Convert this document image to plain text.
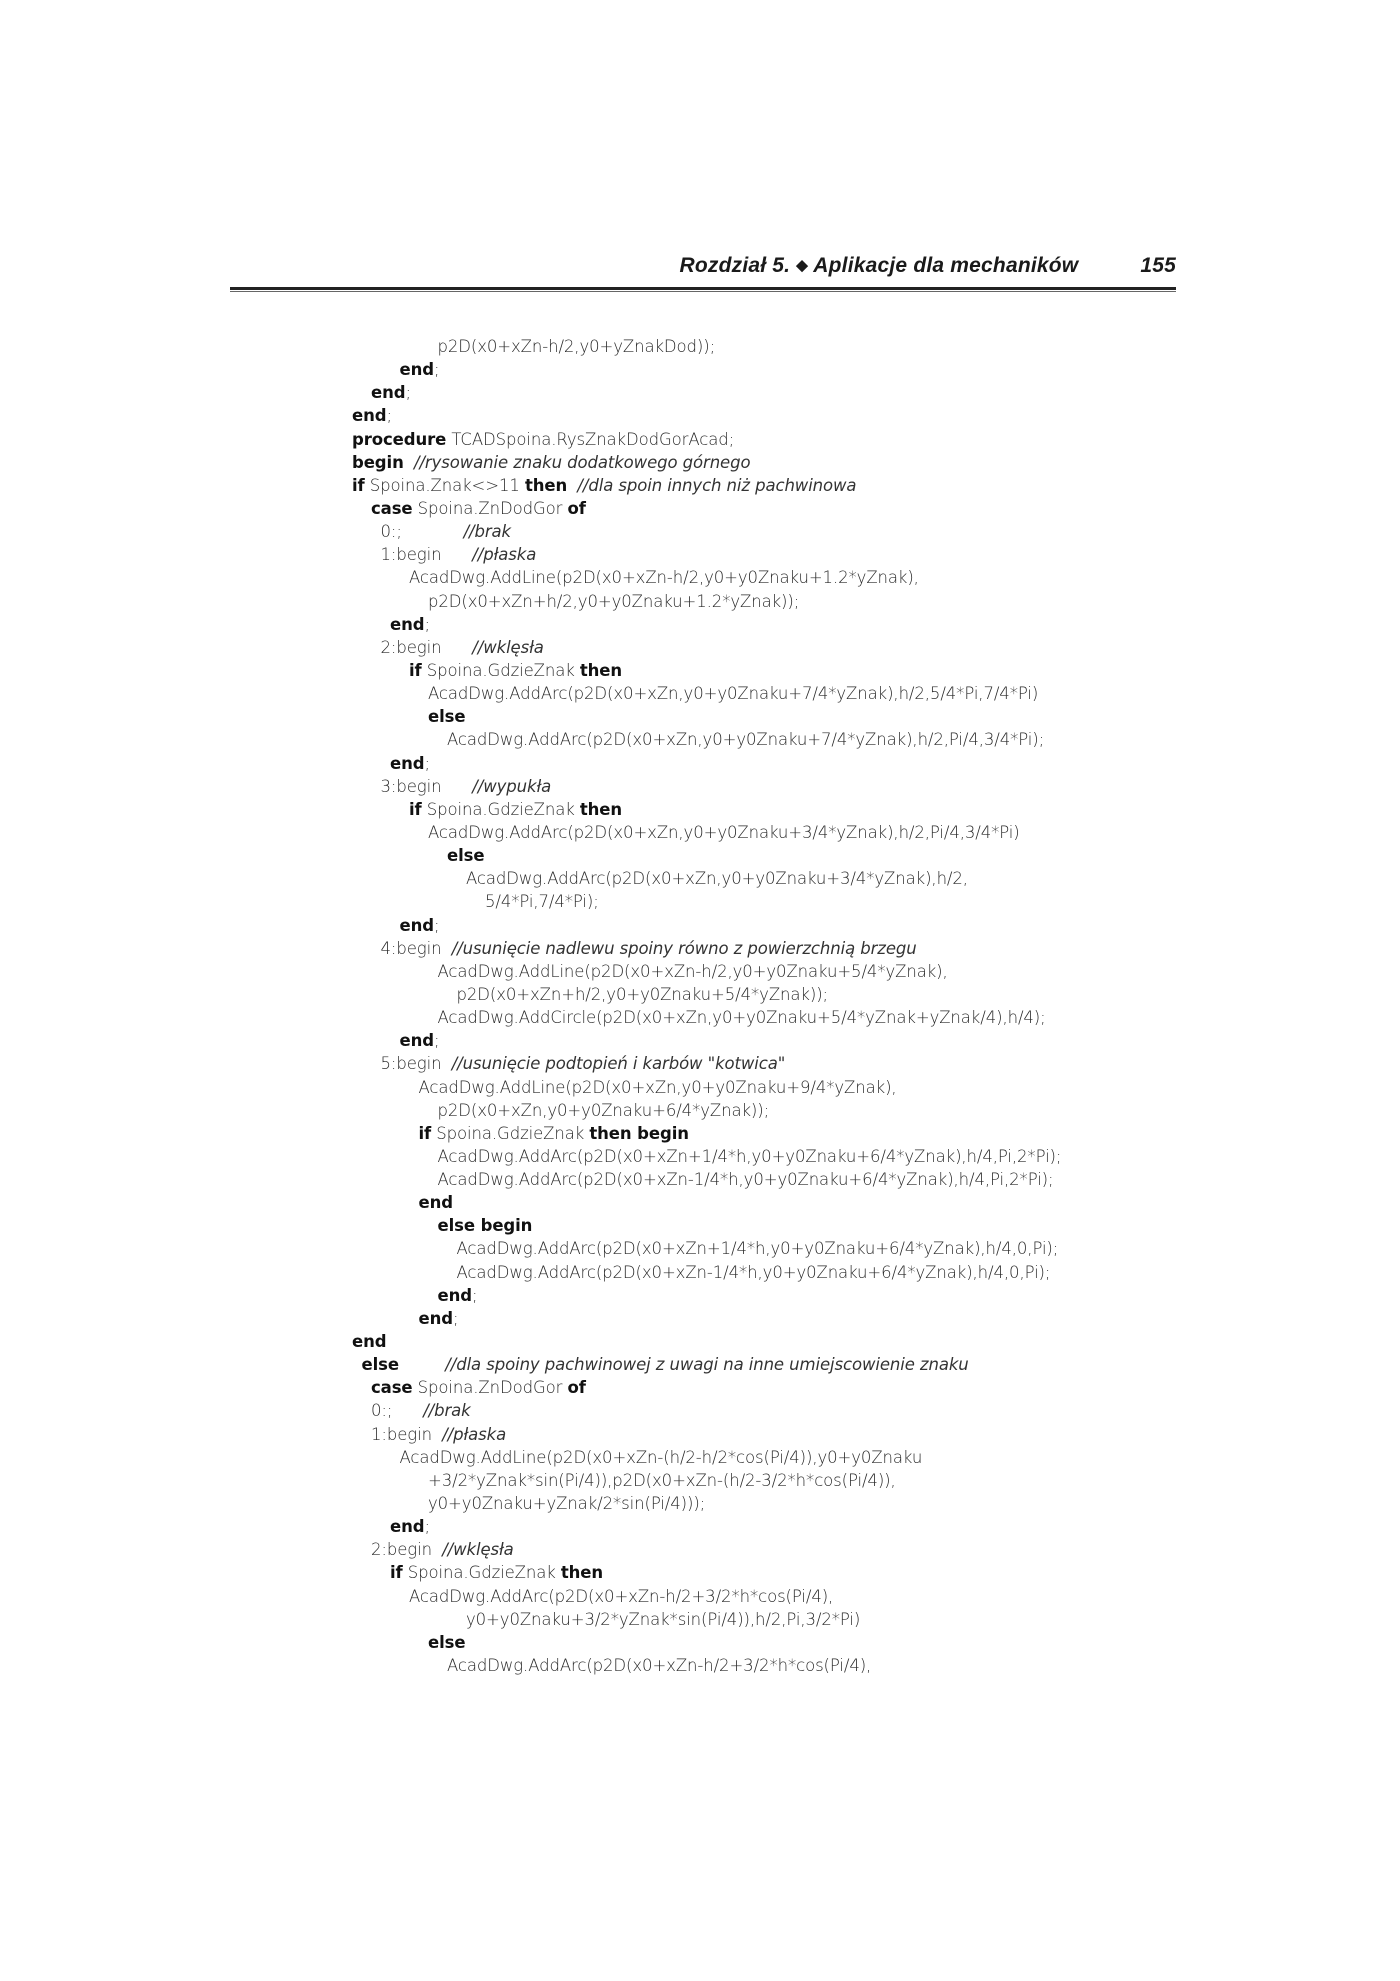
Rozdział 5. ◆ Aplikacje dla mechaników	155
p2D(x0+xZn-h/2,y0+yZnakDod));
end;
end;
end;
procedure TCADSpoina.RysZnakDodGorAcad;
begin //rysowanie znaku dodatkowego górnego
if Spoina.Znak<>11 then //dla spoin innych niż pachwinowa
case Spoina.ZnDodGor of
0:;            //brak
1:begin      //płaska
AcadDwg.AddLine(p2D(x0+xZn-h/2,y0+y0Znaku+1.2*yZnak),
p2D(x0+xZn+h/2,y0+y0Znaku+1.2*yZnak));
end;
2:begin      //wklęsła
if Spoina.GdzieZnak then
AcadDwg.AddArc(p2D(x0+xZn,y0+y0Znaku+7/4*yZnak),h/2,5/4*Pi,7/4*Pi)
else
AcadDwg.AddArc(p2D(x0+xZn,y0+y0Znaku+7/4*yZnak),h/2,Pi/4,3/4*Pi);
end;
3:begin      //wypukła
if Spoina.GdzieZnak then
AcadDwg.AddArc(p2D(x0+xZn,y0+y0Znaku+3/4*yZnak),h/2,Pi/4,3/4*Pi)
else
AcadDwg.AddArc(p2D(x0+xZn,y0+y0Znaku+3/4*yZnak),h/2,
5/4*Pi,7/4*Pi);
end;
4:begin  //usunięcie nadlewu spoiny równo z powierzchnią brzegu
AcadDwg.AddLine(p2D(x0+xZn-h/2,y0+y0Znaku+5/4*yZnak),
p2D(x0+xZn+h/2,y0+y0Znaku+5/4*yZnak));
AcadDwg.AddCircle(p2D(x0+xZn,y0+y0Znaku+5/4*yZnak+yZnak/4),h/4);
end;
5:begin  //usunięcie podtopień i karbów "kotwica"
AcadDwg.AddLine(p2D(x0+xZn,y0+y0Znaku+9/4*yZnak),
p2D(x0+xZn,y0+y0Znaku+6/4*yZnak));
if Spoina.GdzieZnak then begin
AcadDwg.AddArc(p2D(x0+xZn+1/4*h,y0+y0Znaku+6/4*yZnak),h/4,Pi,2*Pi);
AcadDwg.AddArc(p2D(x0+xZn-1/4*h,y0+y0Znaku+6/4*yZnak),h/4,Pi,2*Pi);
end
else begin
AcadDwg.AddArc(p2D(x0+xZn+1/4*h,y0+y0Znaku+6/4*yZnak),h/4,0,Pi);
AcadDwg.AddArc(p2D(x0+xZn-1/4*h,y0+y0Znaku+6/4*yZnak),h/4,0,Pi);
end;
end;
end
else	//dla spoiny pachwinowej z uwagi na inne umiejscowienie znaku
case Spoina.ZnDodGor of
0:;      //brak
1:begin  //płaska
AcadDwg.AddLine(p2D(x0+xZn-(h/2-h/2*cos(Pi/4)),y0+y0Znaku
+3/2*yZnak*sin(Pi/4)),p2D(x0+xZn-(h/2-3/2*h*cos(Pi/4)),
y0+y0Znaku+yZnak/2*sin(Pi/4)));
end;
2:begin  //wklęsła
if Spoina.GdzieZnak then
AcadDwg.AddArc(p2D(x0+xZn-h/2+3/2*h*cos(Pi/4),
y0+y0Znaku+3/2*yZnak*sin(Pi/4)),h/2,Pi,3/2*Pi)
else
AcadDwg.AddArc(p2D(x0+xZn-h/2+3/2*h*cos(Pi/4),
